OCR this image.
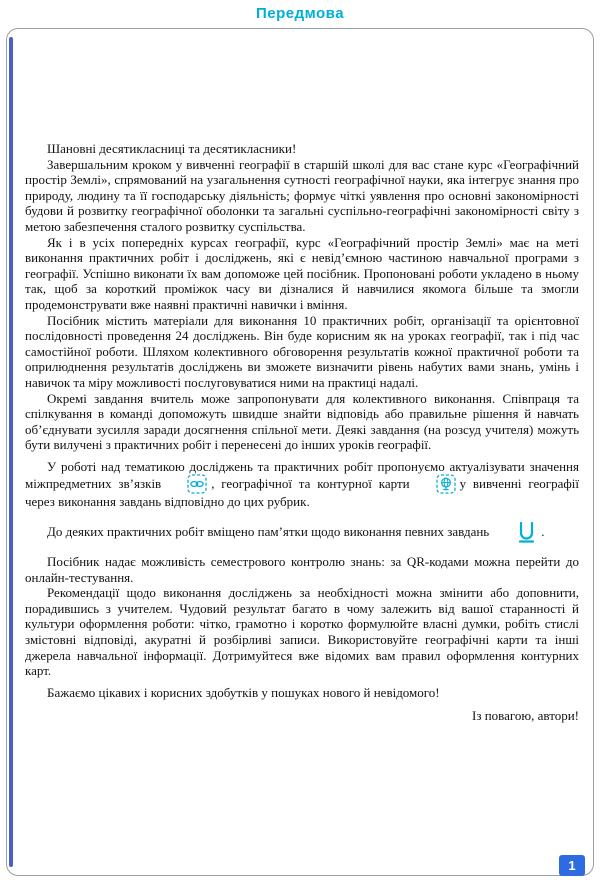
Передмова

Шановні десятикласниці та десятикласники!

Завершальним кроком у вивченні географії в старшій школі для вас стане курс «Географічний простір Землі», спрямований на узагальнення сутності географічної науки, яка інтегрує знання про природу, людину та її господарську діяльність; формує чіткі уявлення про основні закономірності будови й розвитку географічної оболонки та загальні суспільно-географічні закономірності світу з метою забезпечення сталого розвитку суспільства.

Як і в усіх попередніх курсах географії, курс «Географічний простір Землі» має на меті виконання практичних робіт і досліджень, які є невід’ємною частиною навчальної програми з географії. Успішно виконати їх вам допоможе цей посібник. Пропоновані роботи укладено в ньому так, щоб за короткий проміжок часу ви дізналися й навчилися якомога більше та змогли продемонструвати вже наявні практичні навички і вміння.

Посібник містить матеріали для виконання 10 практичних робіт, організації та орієнтовної послідовності проведення 24 досліджень. Він буде корисним як на уроках географії, так і під час самостійної роботи. Шляхом колективного обговорення результатів кожної практичної роботи та оприлюднення результатів досліджень ви зможете визначити рівень набутих вами знань, умінь і навичок та міру можливості послуговуватися ними на практиці надалі.

Окремі завдання вчитель може запропонувати для колективного виконання. Співпраця та спілкування в команді допоможуть швидше знайти відповідь або правильне рішення й навчать об’єднувати зусилля заради досягнення спільної мети. Деякі завдання (на розсуд учителя) можуть бути вилучені з практичних робіт і перенесені до інших уроків географії.

У роботі над тематикою досліджень та практичних робіт пропонуємо актуалізувати значення міжпредметних зв’язків	, географічної та контурної карти	у вивченні географії через виконання завдань відповідно до цих рубрик.

До деяких практичних робіт вміщено пам’ятки щодо виконання певних завдань	.

Посібник надає можливість семестрового контролю знань: за QR-кодами можна перейти до онлайн-тестування.

Рекомендації щодо виконання досліджень за необхідності можна змінити або доповнити, порадившись з учителем. Чудовий результат багато в чому залежить від вашої старанності й культури оформлення роботи: чітко, грамотно і коротко формулюйте власні думки, робіть стислі змістовні відповіді, акуратні й розбірливі записи. Використовуйте географічні карти та інші джерела навчальної інформації. Дотримуйтеся вже відомих вам правил оформлення контурних карт.

Бажаємо цікавих і корисних здобутків у пошуках нового й невідомого!

Із повагою, автори!

1
